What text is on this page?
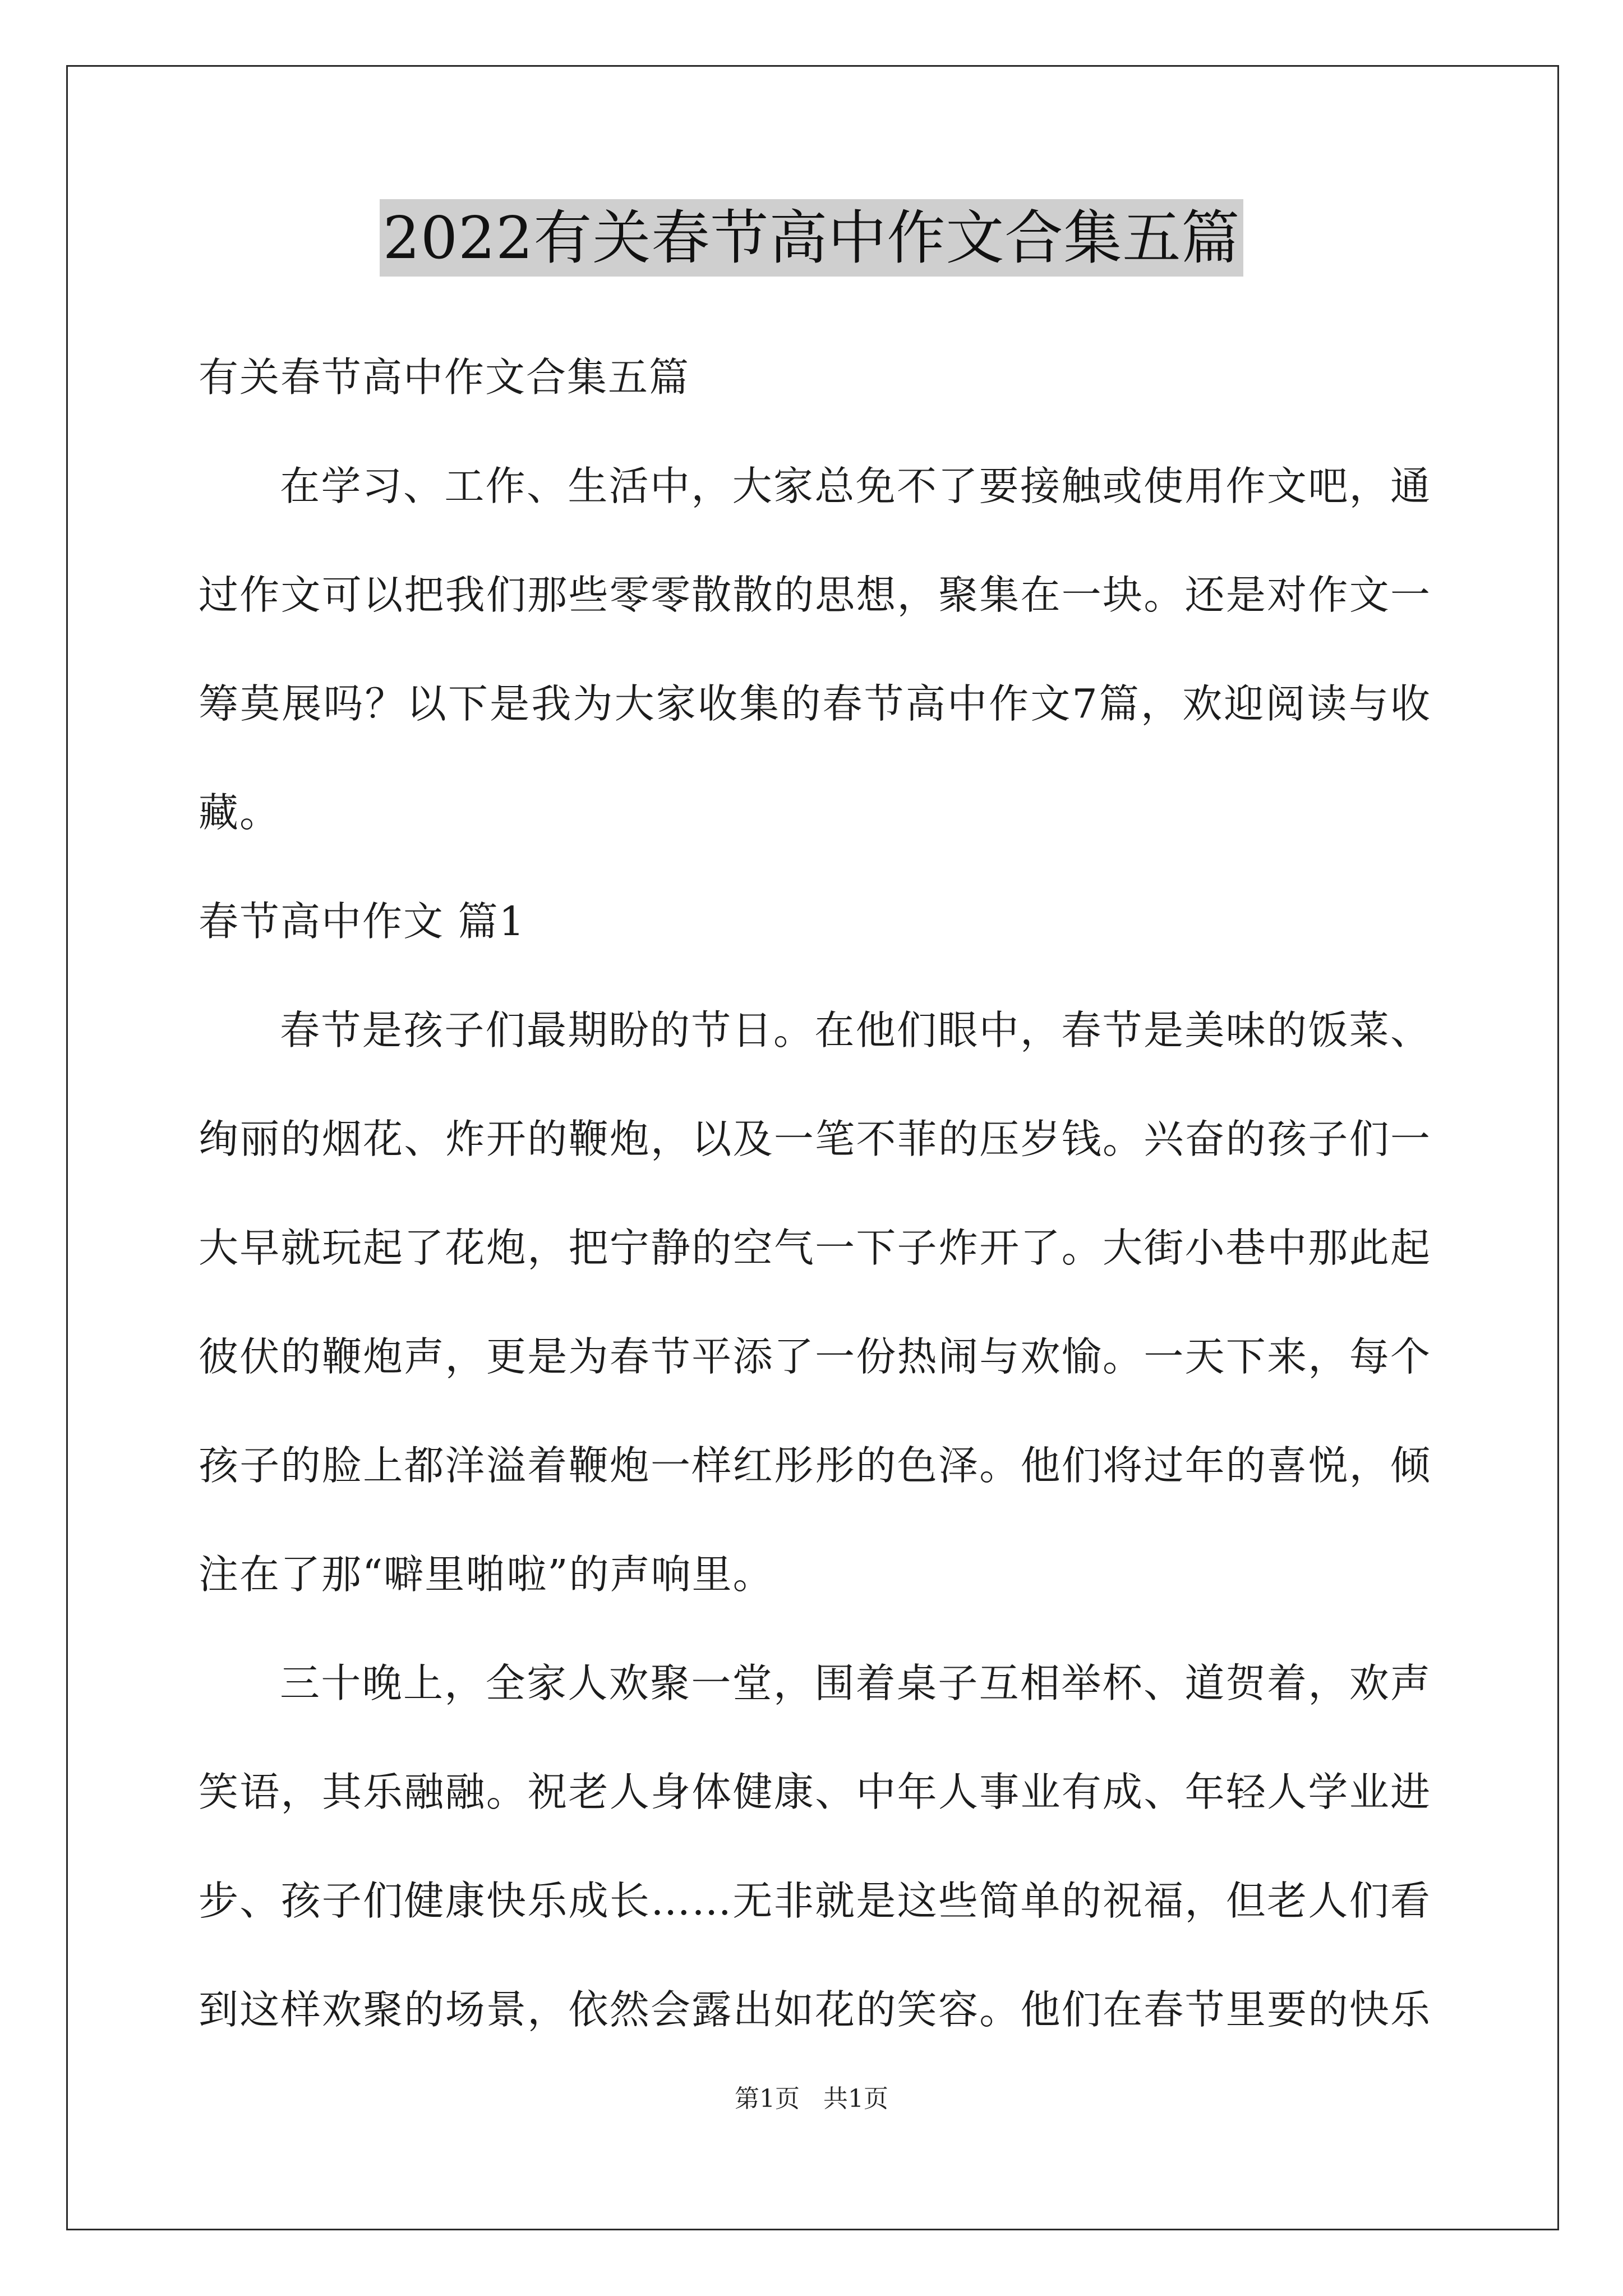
2022有关春节高中作文合集五篇
有关春节高中作文合集五篇
在学习、工作、生活中，大家总免不了要接触或使用作文吧，通
过作文可以把我们那些零零散散的思想，聚集在一块。还是对作文一
筹莫展吗？以下是我为大家收集的春节高中作文7篇，欢迎阅读与收
藏。
春节高中作文 篇1
春节是孩子们最期盼的节日。在他们眼中，春节是美味的饭菜、
绚丽的烟花、炸开的鞭炮，以及一笔不菲的压岁钱。兴奋的孩子们一
大早就玩起了花炮，把宁静的空气一下子炸开了。大街小巷中那此起
彼伏的鞭炮声，更是为春节平添了一份热闹与欢愉。一天下来，每个
孩子的脸上都洋溢着鞭炮一样红彤彤的色泽。他们将过年的喜悦，倾
注在了那“噼里啪啦”的声响里。
三十晚上，全家人欢聚一堂，围着桌子互相举杯、道贺着，欢声
笑语，其乐融融。祝老人身体健康、中年人事业有成、年轻人学业进
步、孩子们健康快乐成长……无非就是这些简单的祝福，但老人们看
到这样欢聚的场景，依然会露出如花的笑容。他们在春节里要的快乐
第1页 共1页
